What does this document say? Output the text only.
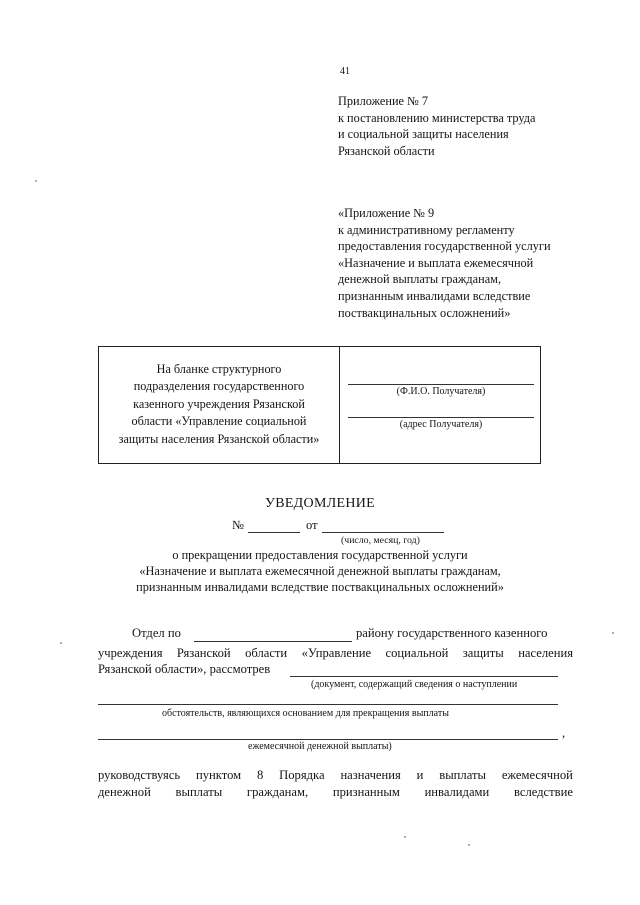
41
Приложение № 7
к постановлению министерства труда
и социальной защиты населения
Рязанской области
«Приложение № 9
к административному регламенту
предоставления государственной услуги
«Назначение и выплата ежемесячной
денежной выплаты гражданам,
признанным инвалидами вследствие
поствакцинальных осложнений»
На бланке структурного
подразделения государственного
казенного учреждения Рязанской
области «Управление социальной
защиты населения Рязанской области»
(Ф.И.О. Получателя)
(адрес Получателя)
УВЕДОМЛЕНИЕ
№	от
(число, месяц, год)
о прекращении предоставления государственной услуги
«Назначение и выплата ежемесячной денежной выплаты гражданам,
признанным инвалидами вследствие поствакцинальных осложнений»
Отдел по	району государственного казенного
учреждения Рязанской области «Управление социальной защиты населения
Рязанской области», рассмотрев
(документ, содержащий сведения о наступлении
обстоятельств, являющихся основанием для прекращения выплаты
,
ежемесячной денежной выплаты)
руководствуясь пунктом 8 Порядка назначения и выплаты ежемесячной
денежной выплаты гражданам, признанным инвалидами вследствие
